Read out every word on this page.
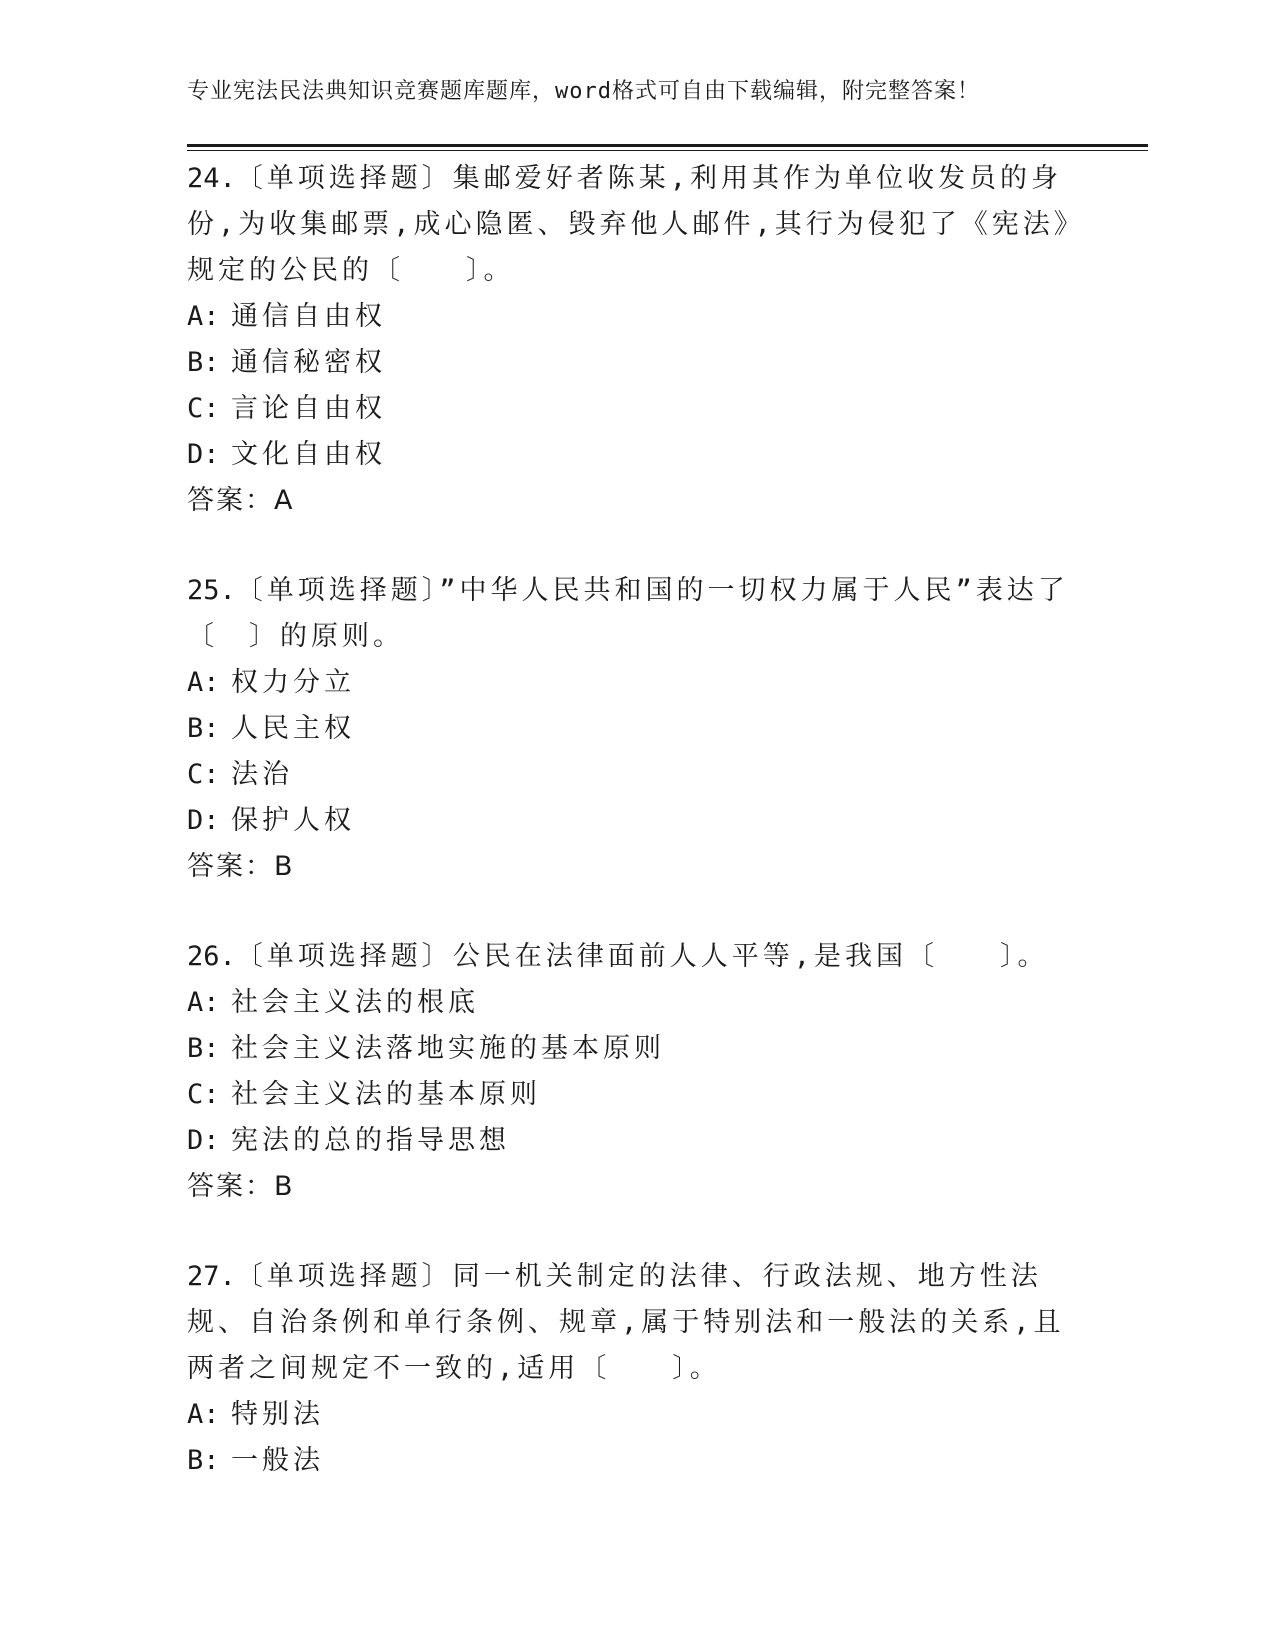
专业宪法民法典知识竞赛题库题库，word格式可自由下载编辑，附完整答案！
24.〔单项选择题〕集邮爱好者陈某,利用其作为单位收发员的身份,为收集邮票,成心隐匿、毁弃他人邮件,其行为侵犯了《宪法》规定的公民的〔　　〕。
A: 通信自由权
B: 通信秘密权
C: 言论自由权
D: 文化自由权
答案：A
25.〔单项选择题〕”中华人民共和国的一切权力属于人民”表达了〔　〕的原则。
A: 权力分立
B: 人民主权
C: 法治
D: 保护人权
答案：B
26.〔单项选择题〕公民在法律面前人人平等,是我国〔　　〕。
A: 社会主义法的根底
B: 社会主义法落地实施的基本原则
C: 社会主义法的基本原则
D: 宪法的总的指导思想
答案：B
27.〔单项选择题〕同一机关制定的法律、行政法规、地方性法规、自治条例和单行条例、规章,属于特别法和一般法的关系,且两者之间规定不一致的,适用〔　　〕。
A: 特别法
B: 一般法
